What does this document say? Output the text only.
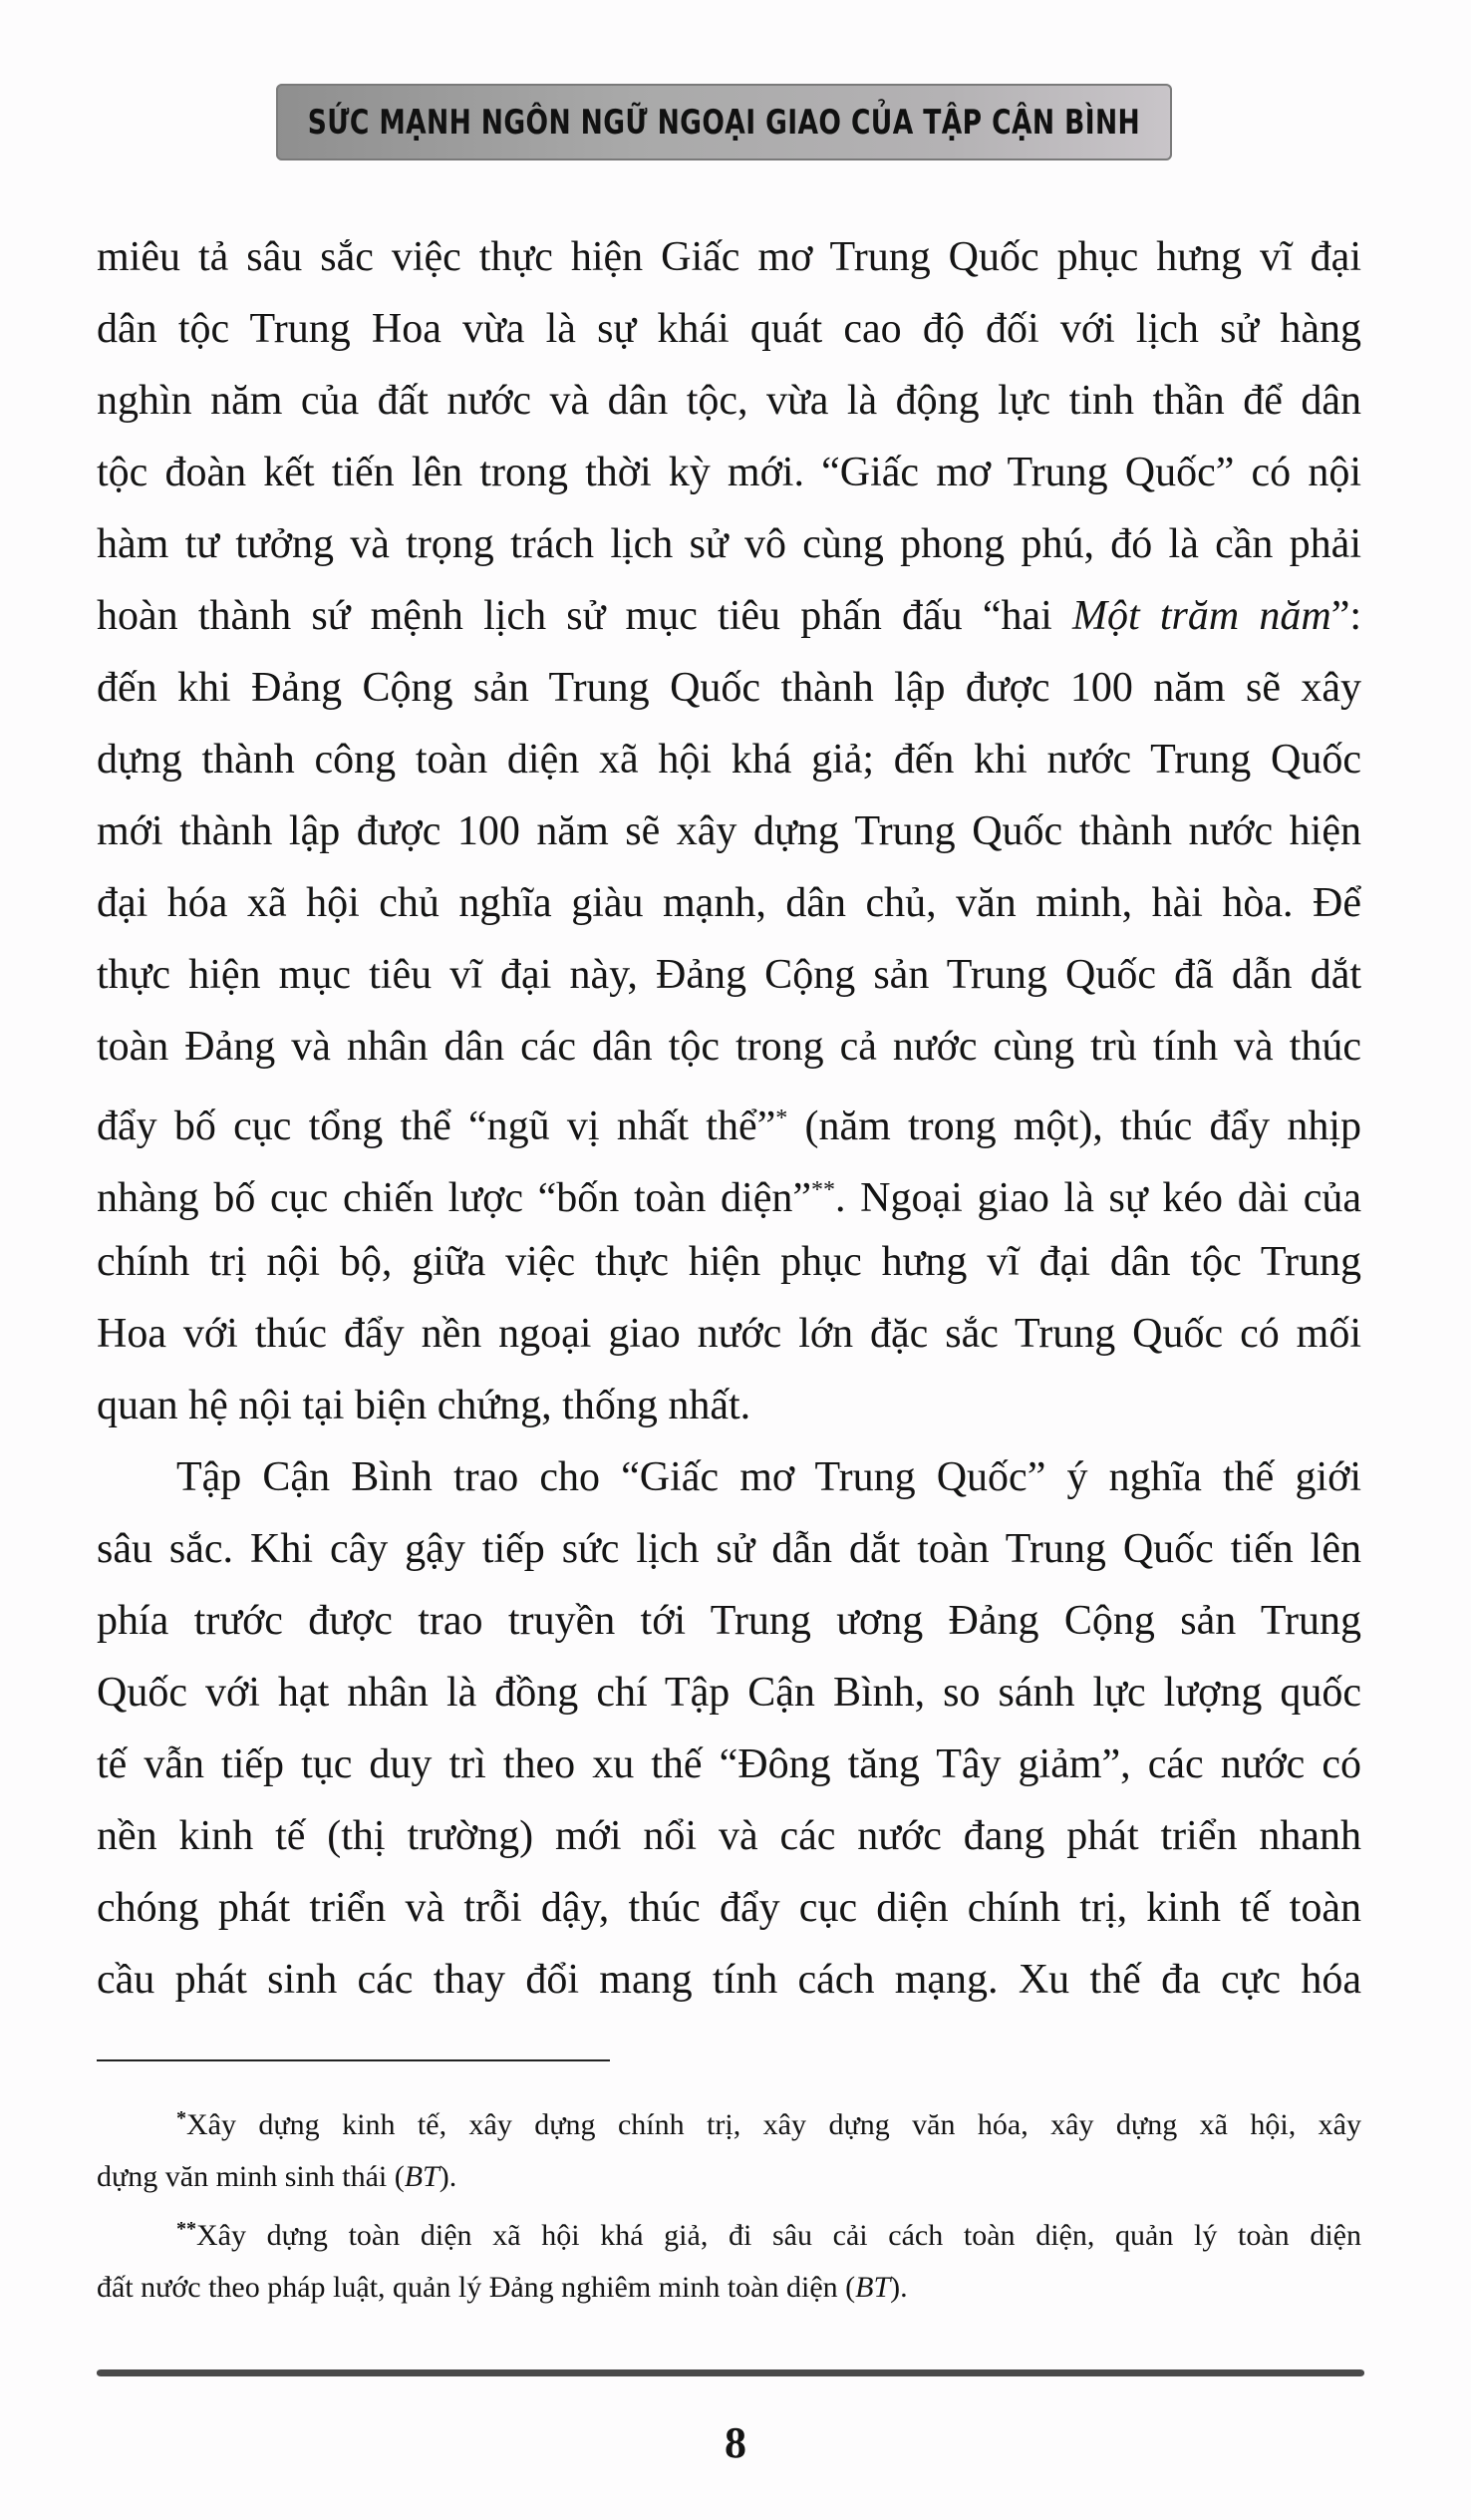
SỨC MẠNH NGÔN NGỮ NGOẠI GIAO CỦA TẬP CẬN BÌNH
miêu tả sâu sắc việc thực hiện Giấc mơ Trung Quốc phục hưng vĩ đại
dân tộc Trung Hoa vừa là sự khái quát cao độ đối với lịch sử hàng
nghìn năm của đất nước và dân tộc, vừa là động lực tinh thần để dân
tộc đoàn kết tiến lên trong thời kỳ mới. “Giấc mơ Trung Quốc” có nội
hàm tư tưởng và trọng trách lịch sử vô cùng phong phú, đó là cần phải
hoàn thành sứ mệnh lịch sử mục tiêu phấn đấu “hai Một trăm năm”:
đến khi Đảng Cộng sản Trung Quốc thành lập được 100 năm sẽ xây
dựng thành công toàn diện xã hội khá giả; đến khi nước Trung Quốc
mới thành lập được 100 năm sẽ xây dựng Trung Quốc thành nước hiện
đại hóa xã hội chủ nghĩa giàu mạnh, dân chủ, văn minh, hài hòa. Để
thực hiện mục tiêu vĩ đại này, Đảng Cộng sản Trung Quốc đã dẫn dắt
toàn Đảng và nhân dân các dân tộc trong cả nước cùng trù tính và thúc
đẩy bố cục tổng thể “ngũ vị nhất thể”* (năm trong một), thúc đẩy nhịp
nhàng bố cục chiến lược “bốn toàn diện”**. Ngoại giao là sự kéo dài của
chính trị nội bộ, giữa việc thực hiện phục hưng vĩ đại dân tộc Trung
Hoa với thúc đẩy nền ngoại giao nước lớn đặc sắc Trung Quốc có mối
quan hệ nội tại biện chứng, thống nhất.
Tập Cận Bình trao cho “Giấc mơ Trung Quốc” ý nghĩa thế giới
sâu sắc. Khi cây gậy tiếp sức lịch sử dẫn dắt toàn Trung Quốc tiến lên
phía trước được trao truyền tới Trung ương Đảng Cộng sản Trung
Quốc với hạt nhân là đồng chí Tập Cận Bình, so sánh lực lượng quốc
tế vẫn tiếp tục duy trì theo xu thế “Đông tăng Tây giảm”, các nước có
nền kinh tế (thị trường) mới nổi và các nước đang phát triển nhanh
chóng phát triển và trỗi dậy, thúc đẩy cục diện chính trị, kinh tế toàn
cầu phát sinh các thay đổi mang tính cách mạng. Xu thế đa cực hóa
*Xây dựng kinh tế, xây dựng chính trị, xây dựng văn hóa, xây dựng xã hội, xây
dựng văn minh sinh thái (BT).
**Xây dựng toàn diện xã hội khá giả, đi sâu cải cách toàn diện, quản lý toàn diện
đất nước theo pháp luật, quản lý Đảng nghiêm minh toàn diện (BT).
8
